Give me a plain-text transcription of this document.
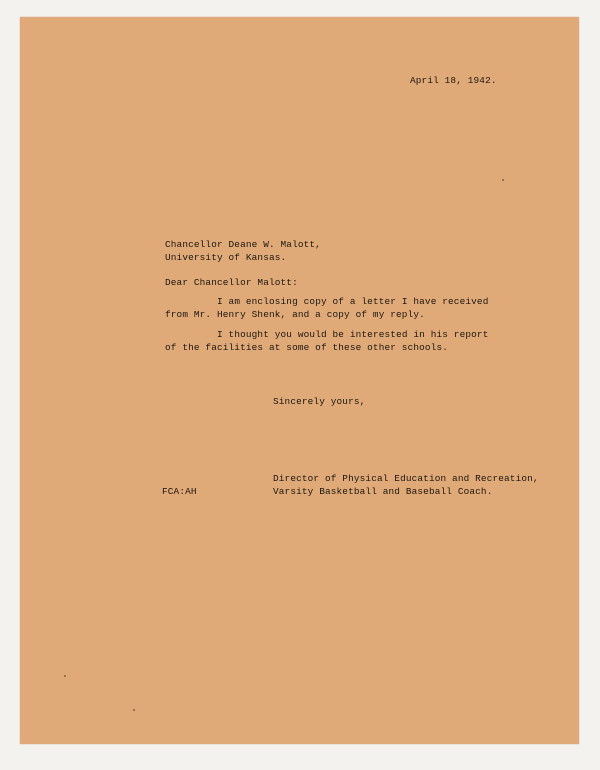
April 18, 1942.
Chancellor Deane W. Malott,
University of Kansas.
Dear Chancellor Malott:
I am enclosing copy of a letter I have received
from Mr. Henry Shenk, and a copy of my reply.
I thought you would be interested in his report
of the facilities at some of these other schools.
Sincerely yours,
Director of Physical Education and Recreation,
FCA:AH	Varsity Basketball and Baseball Coach.
